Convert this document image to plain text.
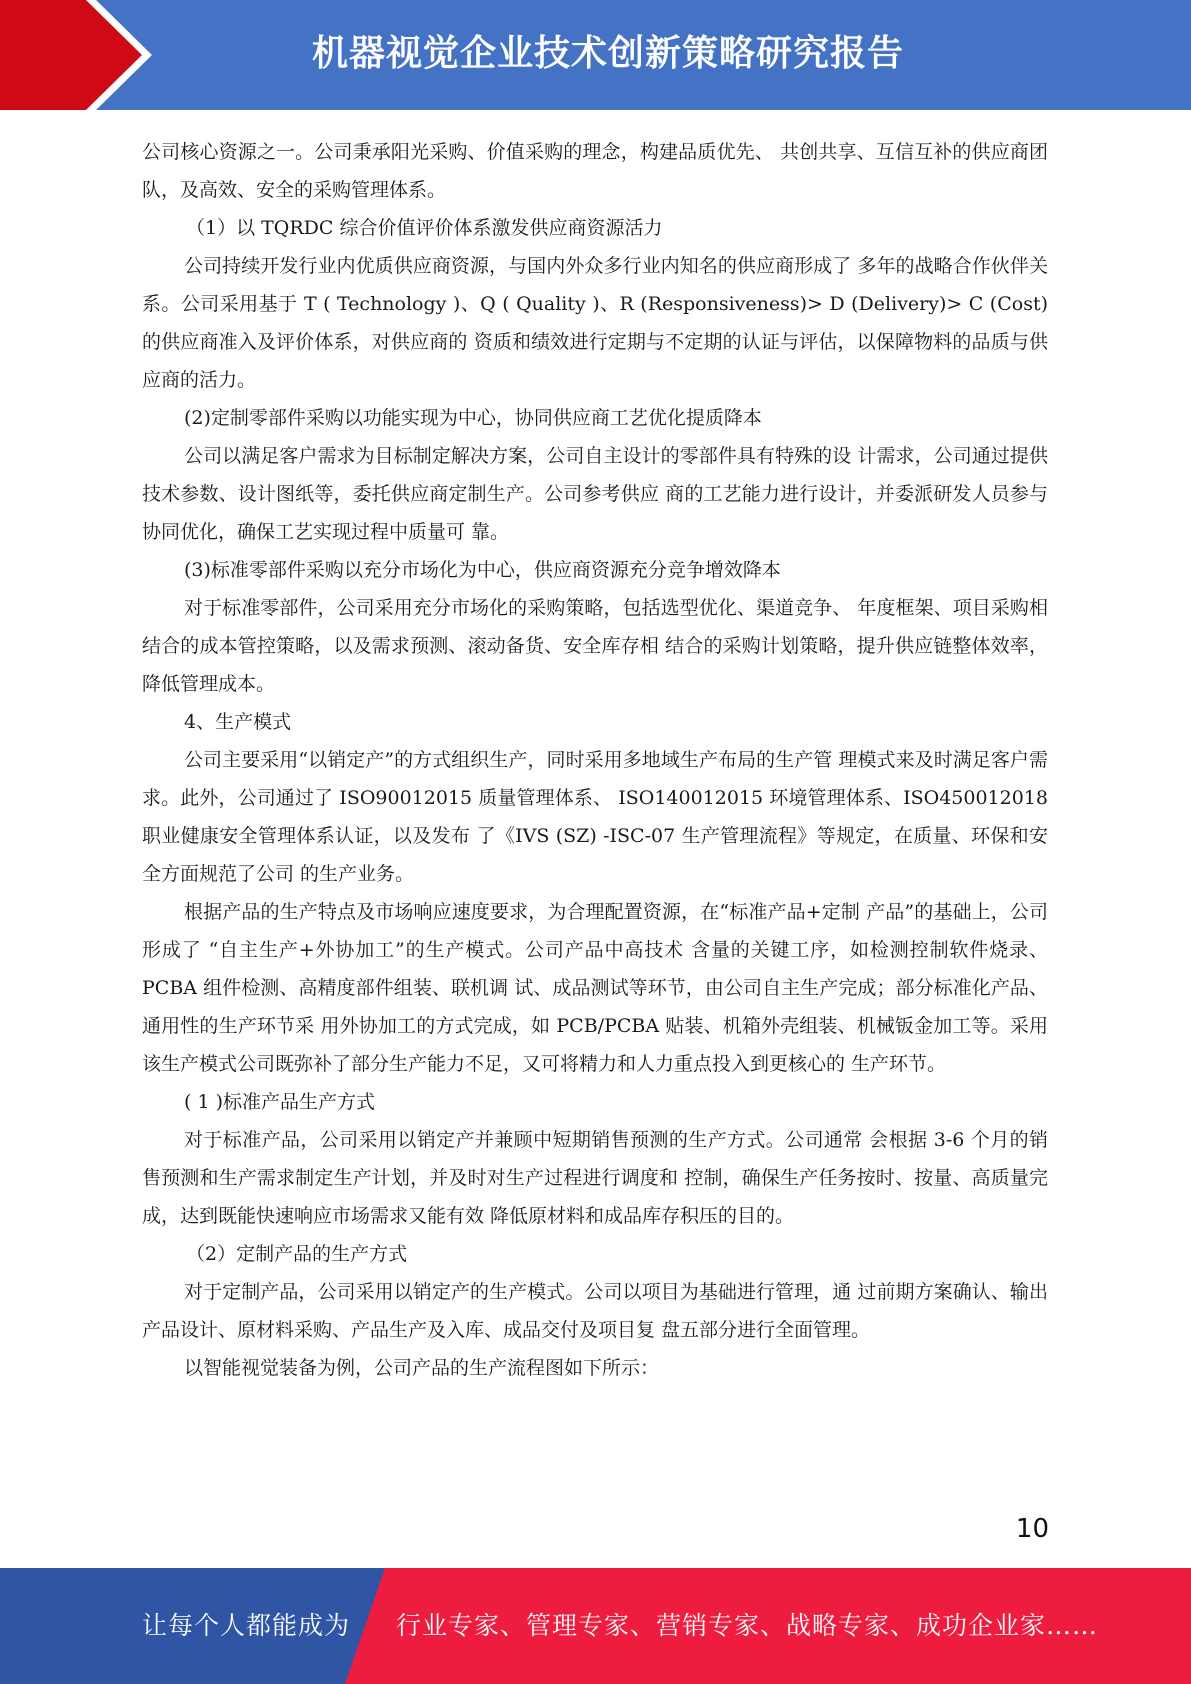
机器视觉企业技术创新策略研究报告

公司核心资源之一。公司秉承阳光采购、价值采购的理念，构建品质优先、 共创共享、互信互补的供应商团队，及高效、安全的采购管理体系。

（1）以 TQRDC 综合价值评价体系激发供应商资源活力

公司持续开发行业内优质供应商资源，与国内外众多行业内知名的供应商形成了 多年的战略合作伙伴关系。公司采用基于 T ( Technology )、Q ( Quality )、R (Responsiveness)> D (Delivery)> C (Cost)的供应商准入及评价体系，对供应商的 资质和绩效进行定期与不定期的认证与评估，以保障物料的品质与供应商的活力。

(2)定制零部件采购以功能实现为中心，协同供应商工艺优化提质降本

公司以满足客户需求为目标制定解决方案，公司自主设计的零部件具有特殊的设 计需求，公司通过提供技术参数、设计图纸等，委托供应商定制生产。公司参考供应 商的工艺能力进行设计，并委派研发人员参与协同优化，确保工艺实现过程中质量可 靠。

(3)标准零部件采购以充分市场化为中心，供应商资源充分竞争增效降本

对于标准零部件，公司采用充分市场化的采购策略，包括选型优化、渠道竞争、 年度框架、项目采购相结合的成本管控策略，以及需求预测、滚动备货、安全库存相 结合的采购计划策略，提升供应链整体效率，降低管理成本。

4、生产模式

公司主要采用“以销定产”的方式组织生产，同时采用多地域生产布局的生产管 理模式来及时满足客户需求。此外，公司通过了 ISO90012015 质量管理体系、 ISO140012015 环境管理体系、ISO450012018 职业健康安全管理体系认证，以及发布 了《IVS (SZ) -ISC-07 生产管理流程》等规定，在质量、环保和安全方面规范了公司 的生产业务。

根据产品的生产特点及市场响应速度要求，为合理配置资源，在“标准产品+定制 产品”的基础上，公司形成了 “自主生产+外协加工”的生产模式。公司产品中高技术 含量的关键工序，如检测控制软件烧录、PCBA 组件检测、高精度部件组装、联机调 试、成品测试等环节，由公司自主生产完成；部分标准化产品、通用性的生产环节采 用外协加工的方式完成，如 PCB/PCBA 贴装、机箱外壳组装、机械钣金加工等。采用 该生产模式公司既弥补了部分生产能力不足，又可将精力和人力重点投入到更核心的 生产环节。

( 1 )标准产品生产方式

对于标准产品，公司采用以销定产并兼顾中短期销售预测的生产方式。公司通常 会根据 3-6 个月的销售预测和生产需求制定生产计划，并及时对生产过程进行调度和 控制，确保生产任务按时、按量、高质量完成，达到既能快速响应市场需求又能有效 降低原材料和成品库存积压的目的。

（2）定制产品的生产方式

对于定制产品，公司采用以销定产的生产模式。公司以项目为基础进行管理，通 过前期方案确认、输出产品设计、原材料采购、产品生产及入库、成品交付及项目复 盘五部分进行全面管理。

以智能视觉装备为例，公司产品的生产流程图如下所示：

10
让每个人都能成为 行业专家、管理专家、营销专家、战略专家、成功企业家……
